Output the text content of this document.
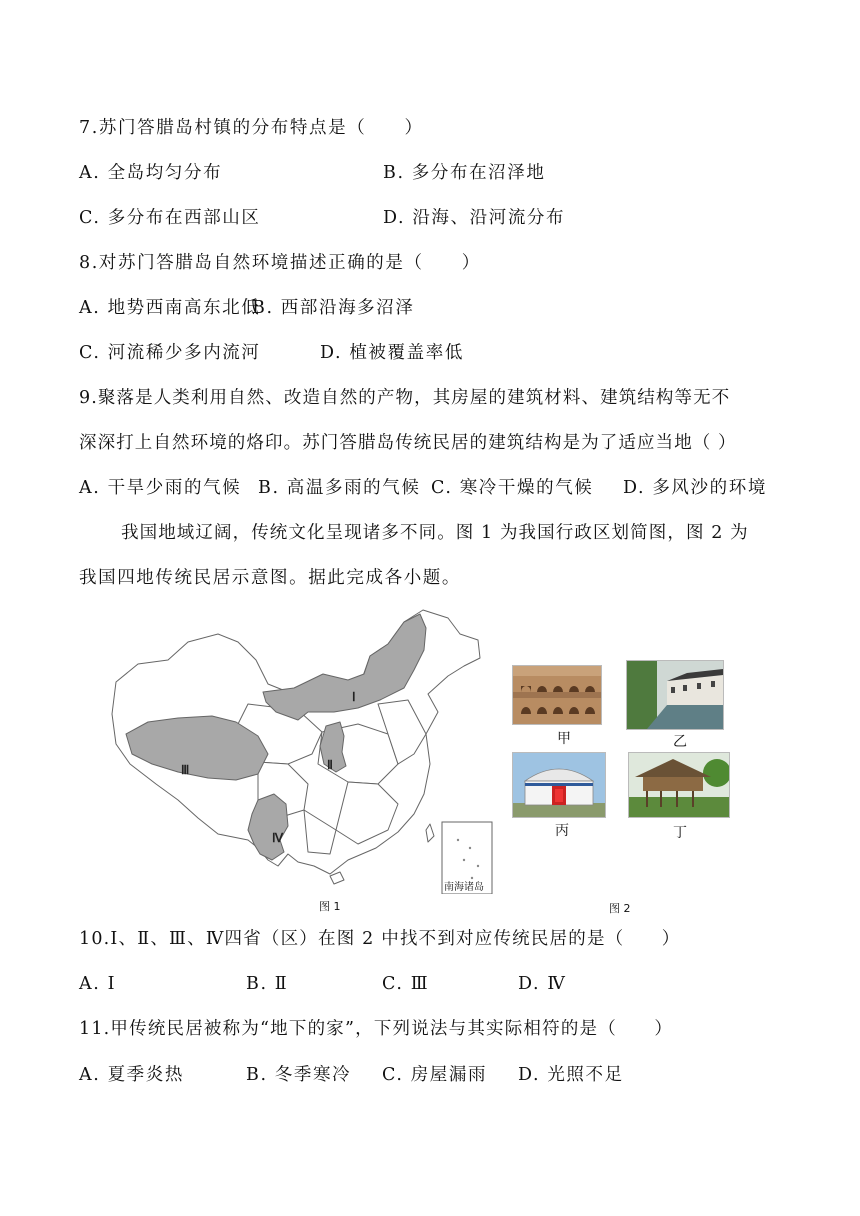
7.苏门答腊岛村镇的分布特点是（　　）
A. 全岛均匀分布	B. 多分布在沼泽地
C. 多分布在西部山区	D. 沿海、沿河流分布
8.对苏门答腊岛自然环境描述正确的是（　　）
A. 地势西南高东北低
B. 西部沿海多沼泽
C. 河流稀少多内流河	D. 植被覆盖率低
9.聚落是人类利用自然、改造自然的产物，其房屋的建筑材料、建筑结构等无不
深深打上自然环境的烙印。苏门答腊岛传统民居的建筑结构是为了适应当地（ ）
A. 干旱少雨的气候 B. 高温多雨的气候 C. 寒冷干燥的气候 D. 多风沙的环境
我国地域辽阔，传统文化呈现诸多不同。图 1 为我国行政区划简图，图 2 为
我国四地传统民居示意图。据此完成各小题。
Ⅰ
Ⅱ
Ⅲ
Ⅳ
南海诸岛
图 1
甲	乙
丙	丁
图 2
10.Ⅰ、Ⅱ、Ⅲ、Ⅳ四省（区）在图 2 中找不到对应传统民居的是（　　）
A. Ⅰ	B. Ⅱ	C. Ⅲ	D. Ⅳ
11.甲传统民居被称为“地下的家”，下列说法与其实际相符的是（　　）
A. 夏季炎热	B. 冬季寒冷 C. 房屋漏雨 D. 光照不足
